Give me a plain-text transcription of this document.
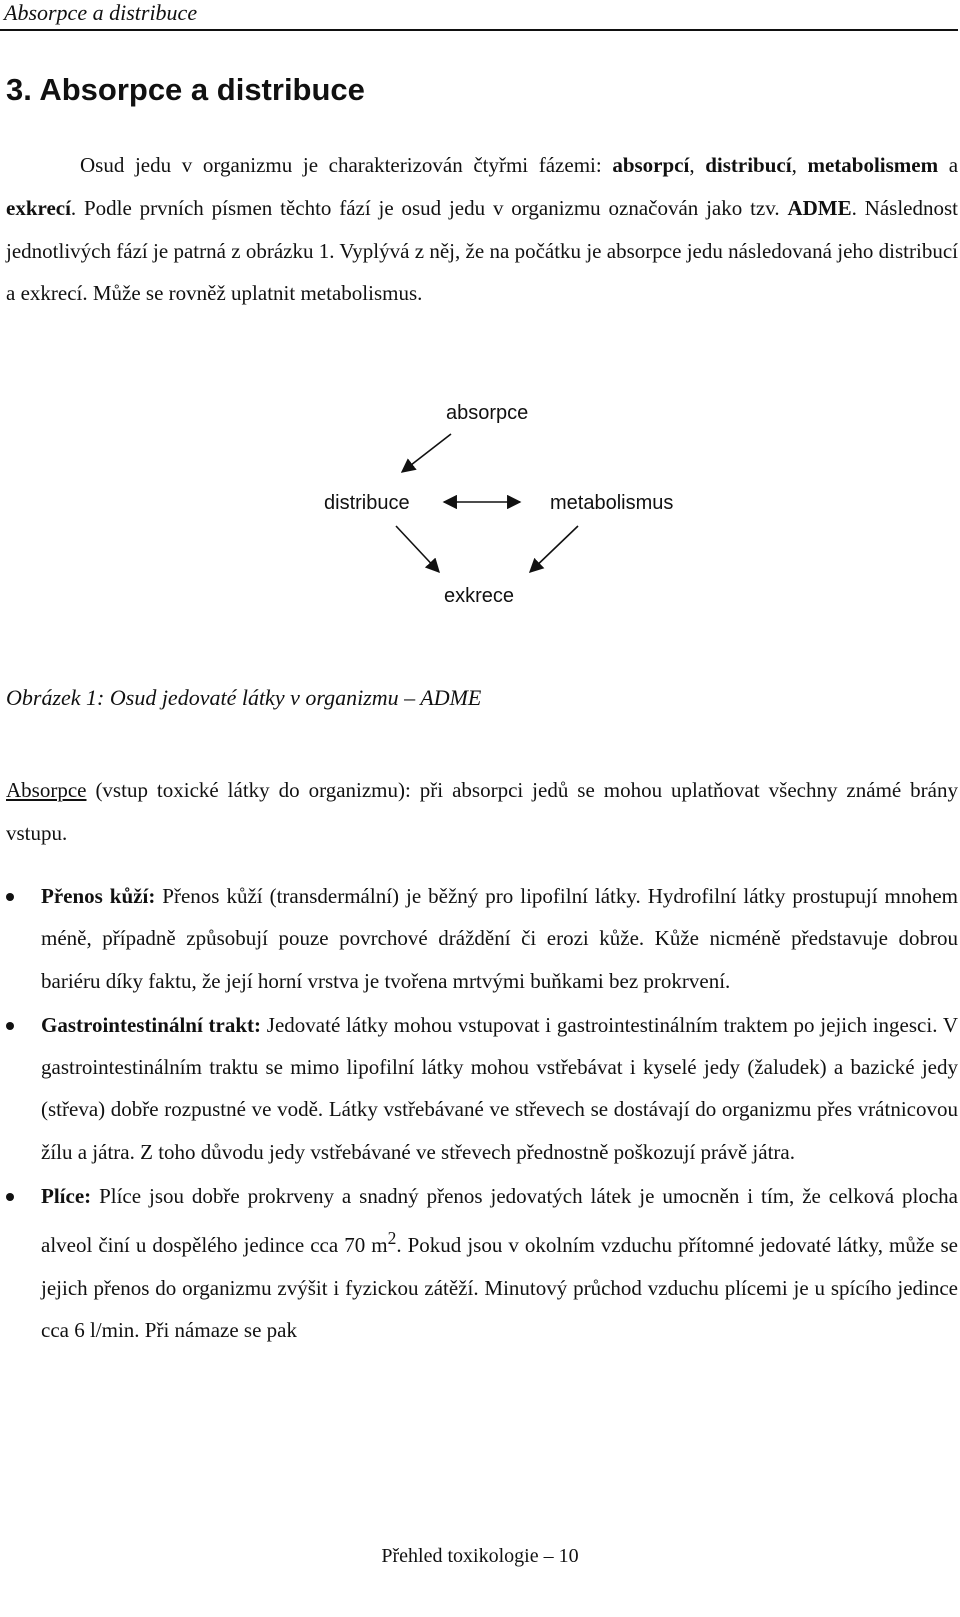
Absorpce a distribuce
3. Absorpce a distribuce

Osud jedu v organizmu je charakterizován čtyřmi fázemi: absorpcí, distribucí, metabolismem a exkrecí. Podle prvních písmen těchto fází je osud jedu v organizmu označován jako tzv. ADME. Následnost jednotlivých fází je patrná z obrázku 1. Vyplývá z něj, že na počátku je absorpce jedu následovaná jeho distribucí a exkrecí. Může se rovněž uplatnit metabolismus.

absorpce
distribuce	metabolismus
exkrece

Obrázek 1: Osud jedovaté látky v organizmu – ADME

Absorpce (vstup toxické látky do organizmu): při absorpci jedů se mohou uplatňovat všechny známé brány vstupu.

Přenos kůží: Přenos kůží (transdermální) je běžný pro lipofilní látky. Hydrofilní látky prostupují mnohem méně, případně způsobují pouze povrchové dráždění či erozi kůže. Kůže nicméně představuje dobrou bariéru díky faktu, že její horní vrstva je tvořena mrtvými buňkami bez prokrvení.
Gastrointestinální trakt: Jedovaté látky mohou vstupovat i gastrointestinálním traktem po jejich ingesci. V gastrointestinálním traktu se mimo lipofilní látky mohou vstřebávat i kyselé jedy (žaludek) a bazické jedy (střeva) dobře rozpustné ve vodě. Látky vstřebávané ve střevech se dostávají do organizmu přes vrátnicovou žílu a játra. Z toho důvodu jedy vstřebávané ve střevech přednostně poškozují právě játra.
Plíce: Plíce jsou dobře prokrveny a snadný přenos jedovatých látek je umocněn i tím, že celková plocha alveol činí u dospělého jedince cca 70 $m^2$. Pokud jsou v okolním vzduchu přítomné jedovaté látky, může se jejich přenos do organizmu zvýšit i fyzickou zátěží. Minutový průchod vzduchu plícemi je u spícího jedince cca 6 l/min. Při námaze se pak
Přehled toxikologie – 10
